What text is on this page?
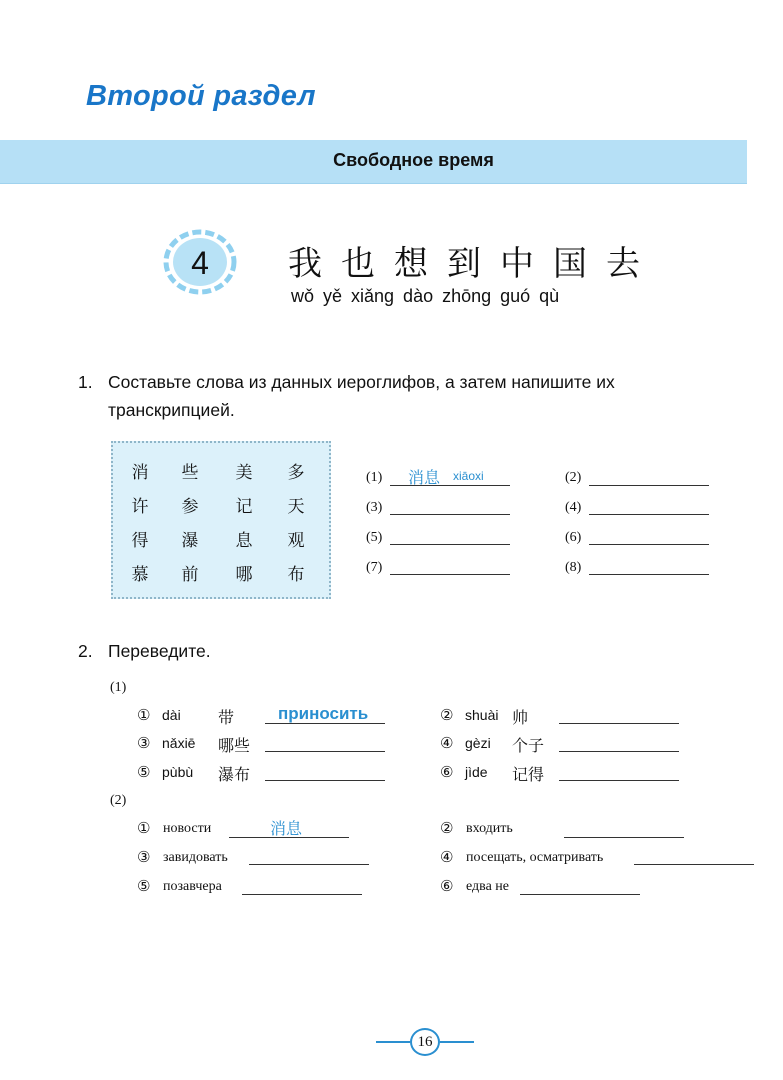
Второй раздел
Свободное время
4 我也想到中国去
wǒ yě xiǎng dào zhōng guó qù
1. Составьте слова из данных иероглифов, а затем напишите их
транскрипцией.
消	些	美	多
许	参	记	天
得	瀑	息	观
慕	前	哪	布
(1) 消息 xiāoxi
(3)
(5)
(7)
(2)
(4)
(6)
(8)
2. Переведите.
(1)
① dài 带	приносить
③ nǎxiē 哪些
⑤ pùbù 瀑布
② shuài 帅
④ gèzi 个子
⑥ jìde 记得
(2)
① новости	消息
③ завидовать
⑤ позавчера
② входить
④ посещать, осматривать
⑥ едва не
16
